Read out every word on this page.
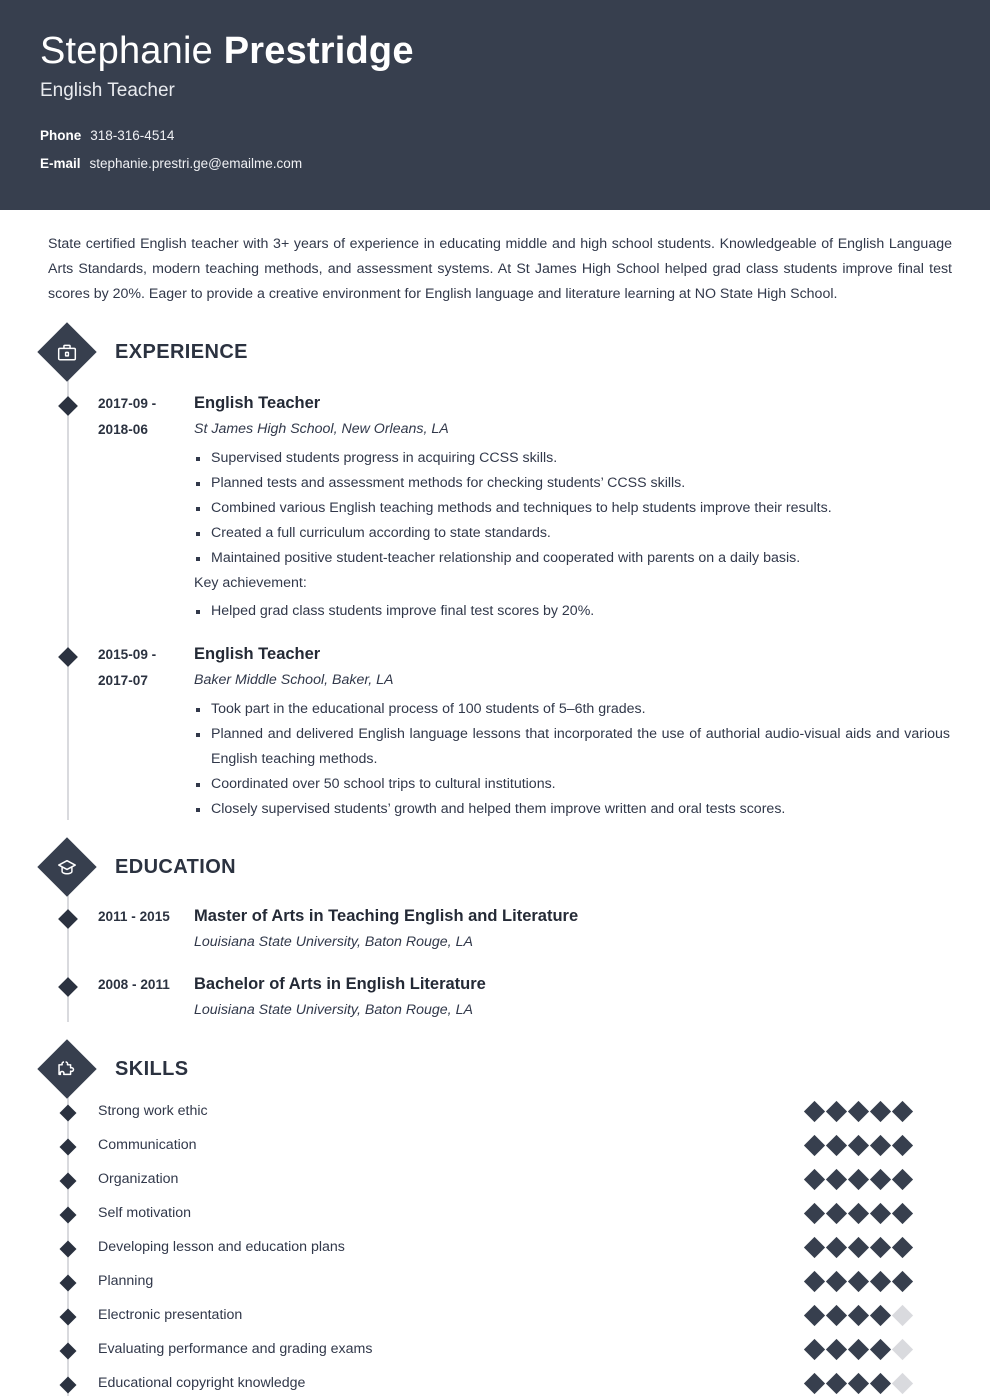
Stephanie Prestridge
English Teacher
Phone 318-316-4514
E-mail stephanie.prestri.ge@emailme.com

State certified English teacher with 3+ years of experience in educating middle and high school students. Knowledgeable of English Language Arts Standards, modern teaching methods, and assessment systems. At St James High School helped grad class students improve final test scores by 20%. Eager to provide a creative environment for English language and literature learning at NO State High School.

EXPERIENCE
2017-09 - 2018-06
English Teacher
St James High School, New Orleans, LA
Supervised students progress in acquiring CCSS skills.
Planned tests and assessment methods for checking students’ CCSS skills.
Combined various English teaching methods and techniques to help students improve their results.
Created a full curriculum according to state standards.
Maintained positive student-teacher relationship and cooperated with parents on a daily basis.
Key achievement:
Helped grad class students improve final test scores by 20%.
2015-09 - 2017-07
English Teacher
Baker Middle School, Baker, LA
Took part in the educational process of 100 students of 5–6th grades.
Planned and delivered English language lessons that incorporated the use of authorial audio-visual aids and various English teaching methods.
Coordinated over 50 school trips to cultural institutions.
Closely supervised students’ growth and helped them improve written and oral tests scores.
EDUCATION
2011 - 2015	Master of Arts in Teaching English and Literature
Louisiana State University, Baton Rouge, LA
2008 - 2011	Bachelor of Arts in English Literature
Louisiana State University, Baton Rouge, LA
SKILLS
Strong work ethic
Communication
Organization
Self motivation
Developing lesson and education plans
Planning
Electronic presentation
Evaluating performance and grading exams
Educational copyright knowledge
